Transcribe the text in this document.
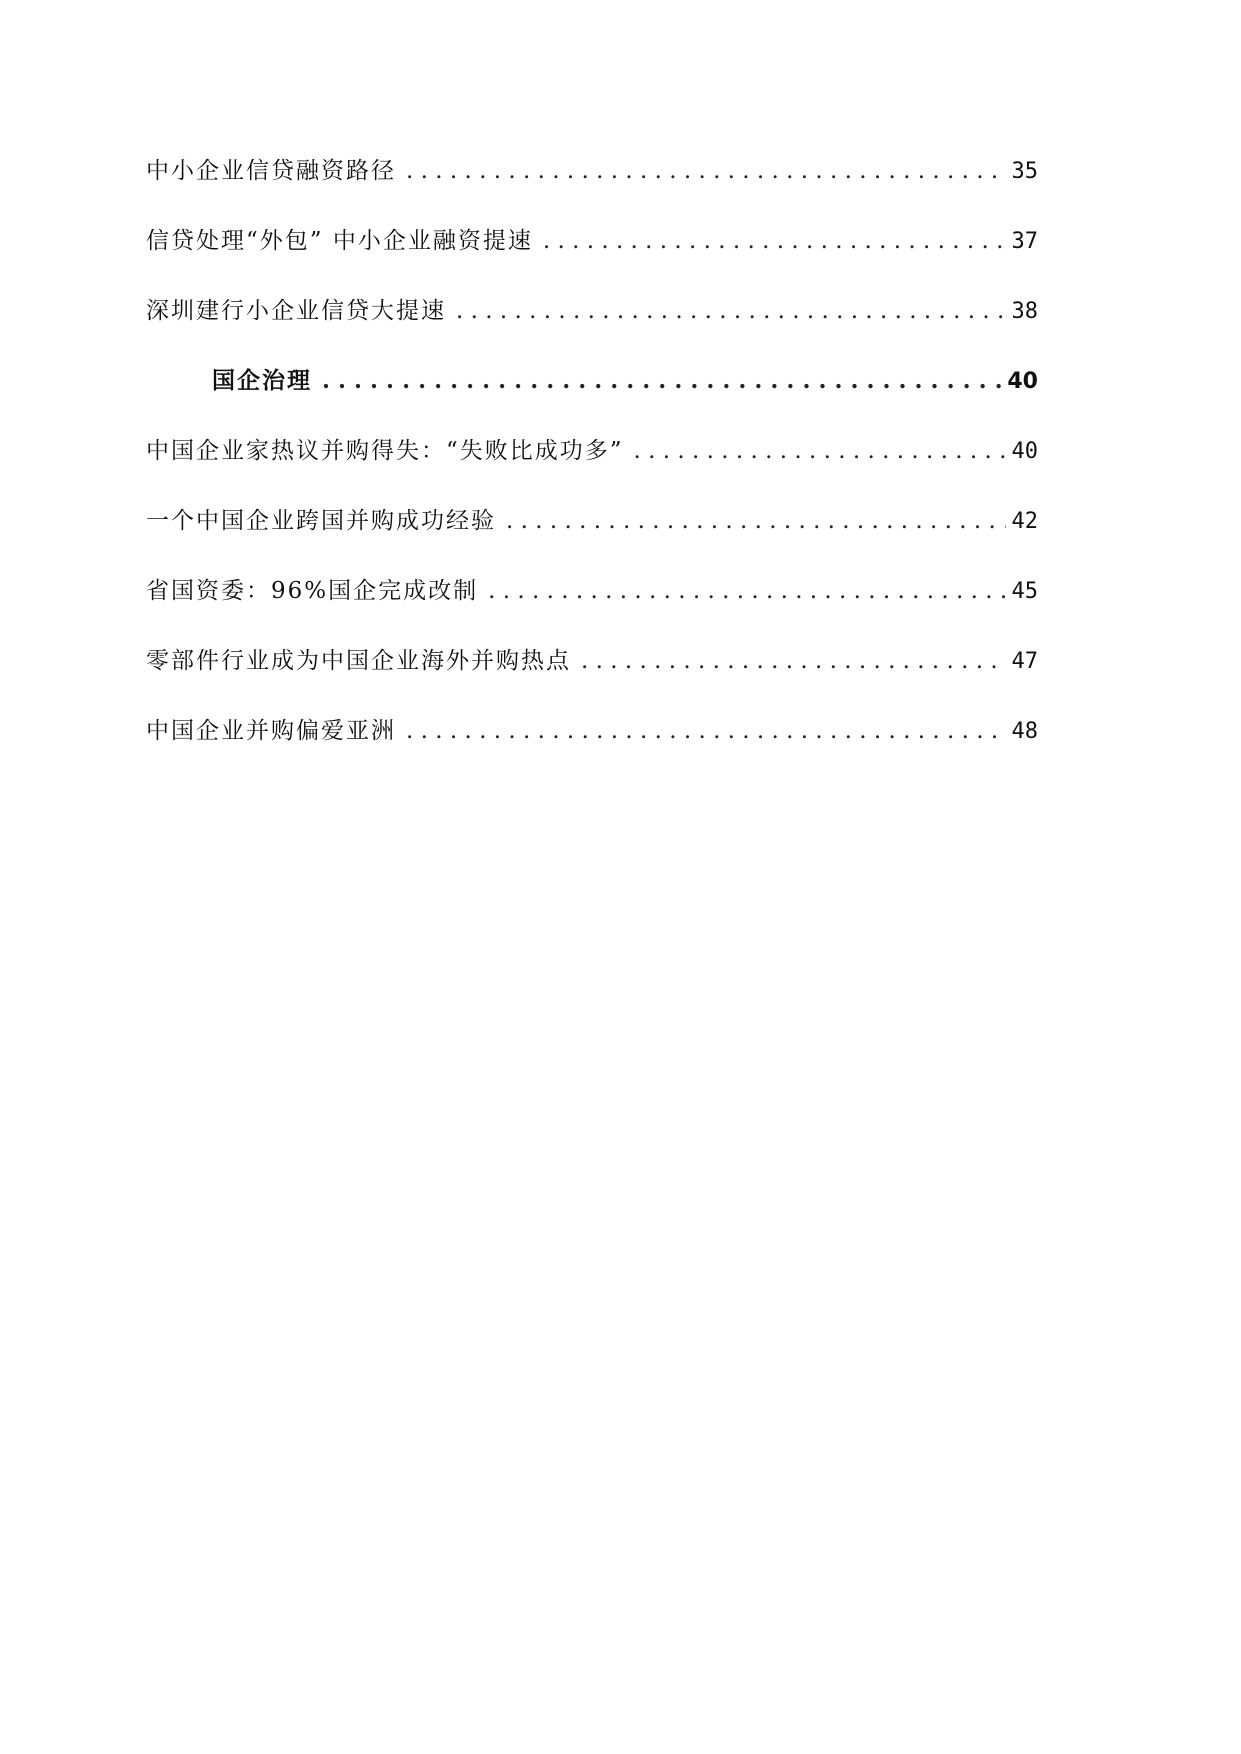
中小企业信贷融资路径 . . .	35
信贷处理“外包” 中小企业融资提速 . . .	37
深圳建行小企业信贷大提速 . . .	38
国企治理 . . .	40
中国企业家热议并购得失：“失败比成功多” . . .	40
一个中国企业跨国并购成功经验 . . .	42
省国资委：96%国企完成改制 . . .	45
零部件行业成为中国企业海外并购热点 . . .	47
中国企业并购偏爱亚洲 . . .	48
